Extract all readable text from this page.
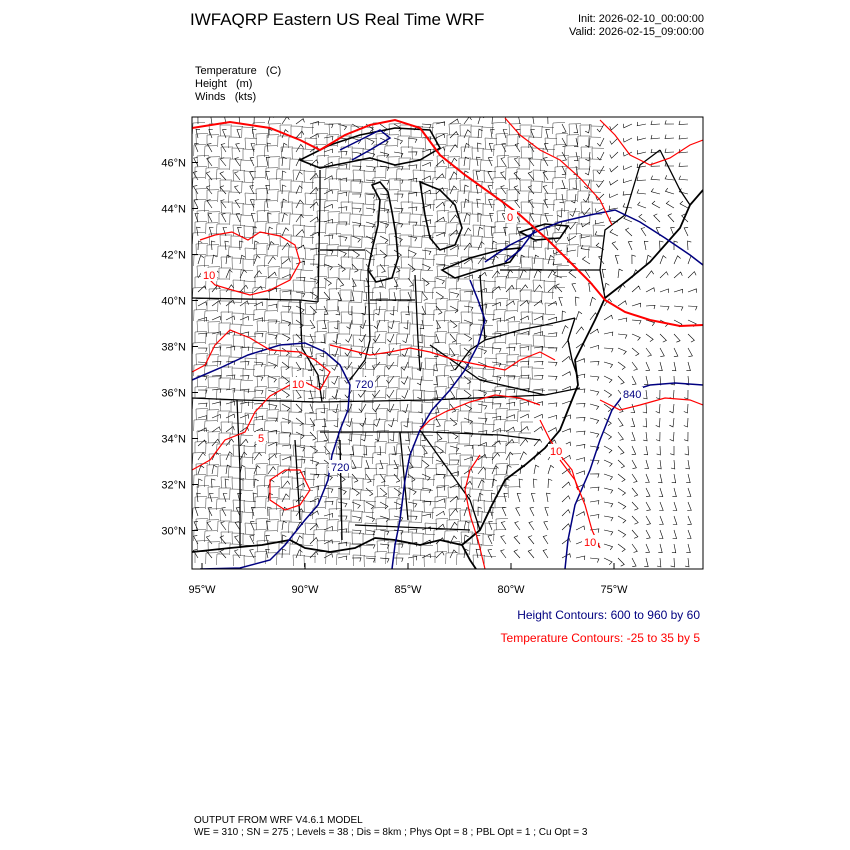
IWFAQRP Eastern US Real Time WRF	Init: 2026-02-10_00:00:00
Valid: 2026-02-15_09:00:00
Temperature   (C)
Height   (m)
Winds   (kts)
0
10
10
5
10
10
840
720
720
46°N
44°N
42°N
40°N
38°N
36°N
34°N
32°N
30°N
95°W	90°W	85°W	80°W	75°W
Height Contours: 600 to 960 by 60
Temperature Contours: -25 to 35 by 5
OUTPUT FROM WRF V4.6.1 MODEL
WE = 310 ; SN = 275 ; Levels = 38 ; Dis = 8km ; Phys Opt = 8 ; PBL Opt = 1 ; Cu Opt = 3
